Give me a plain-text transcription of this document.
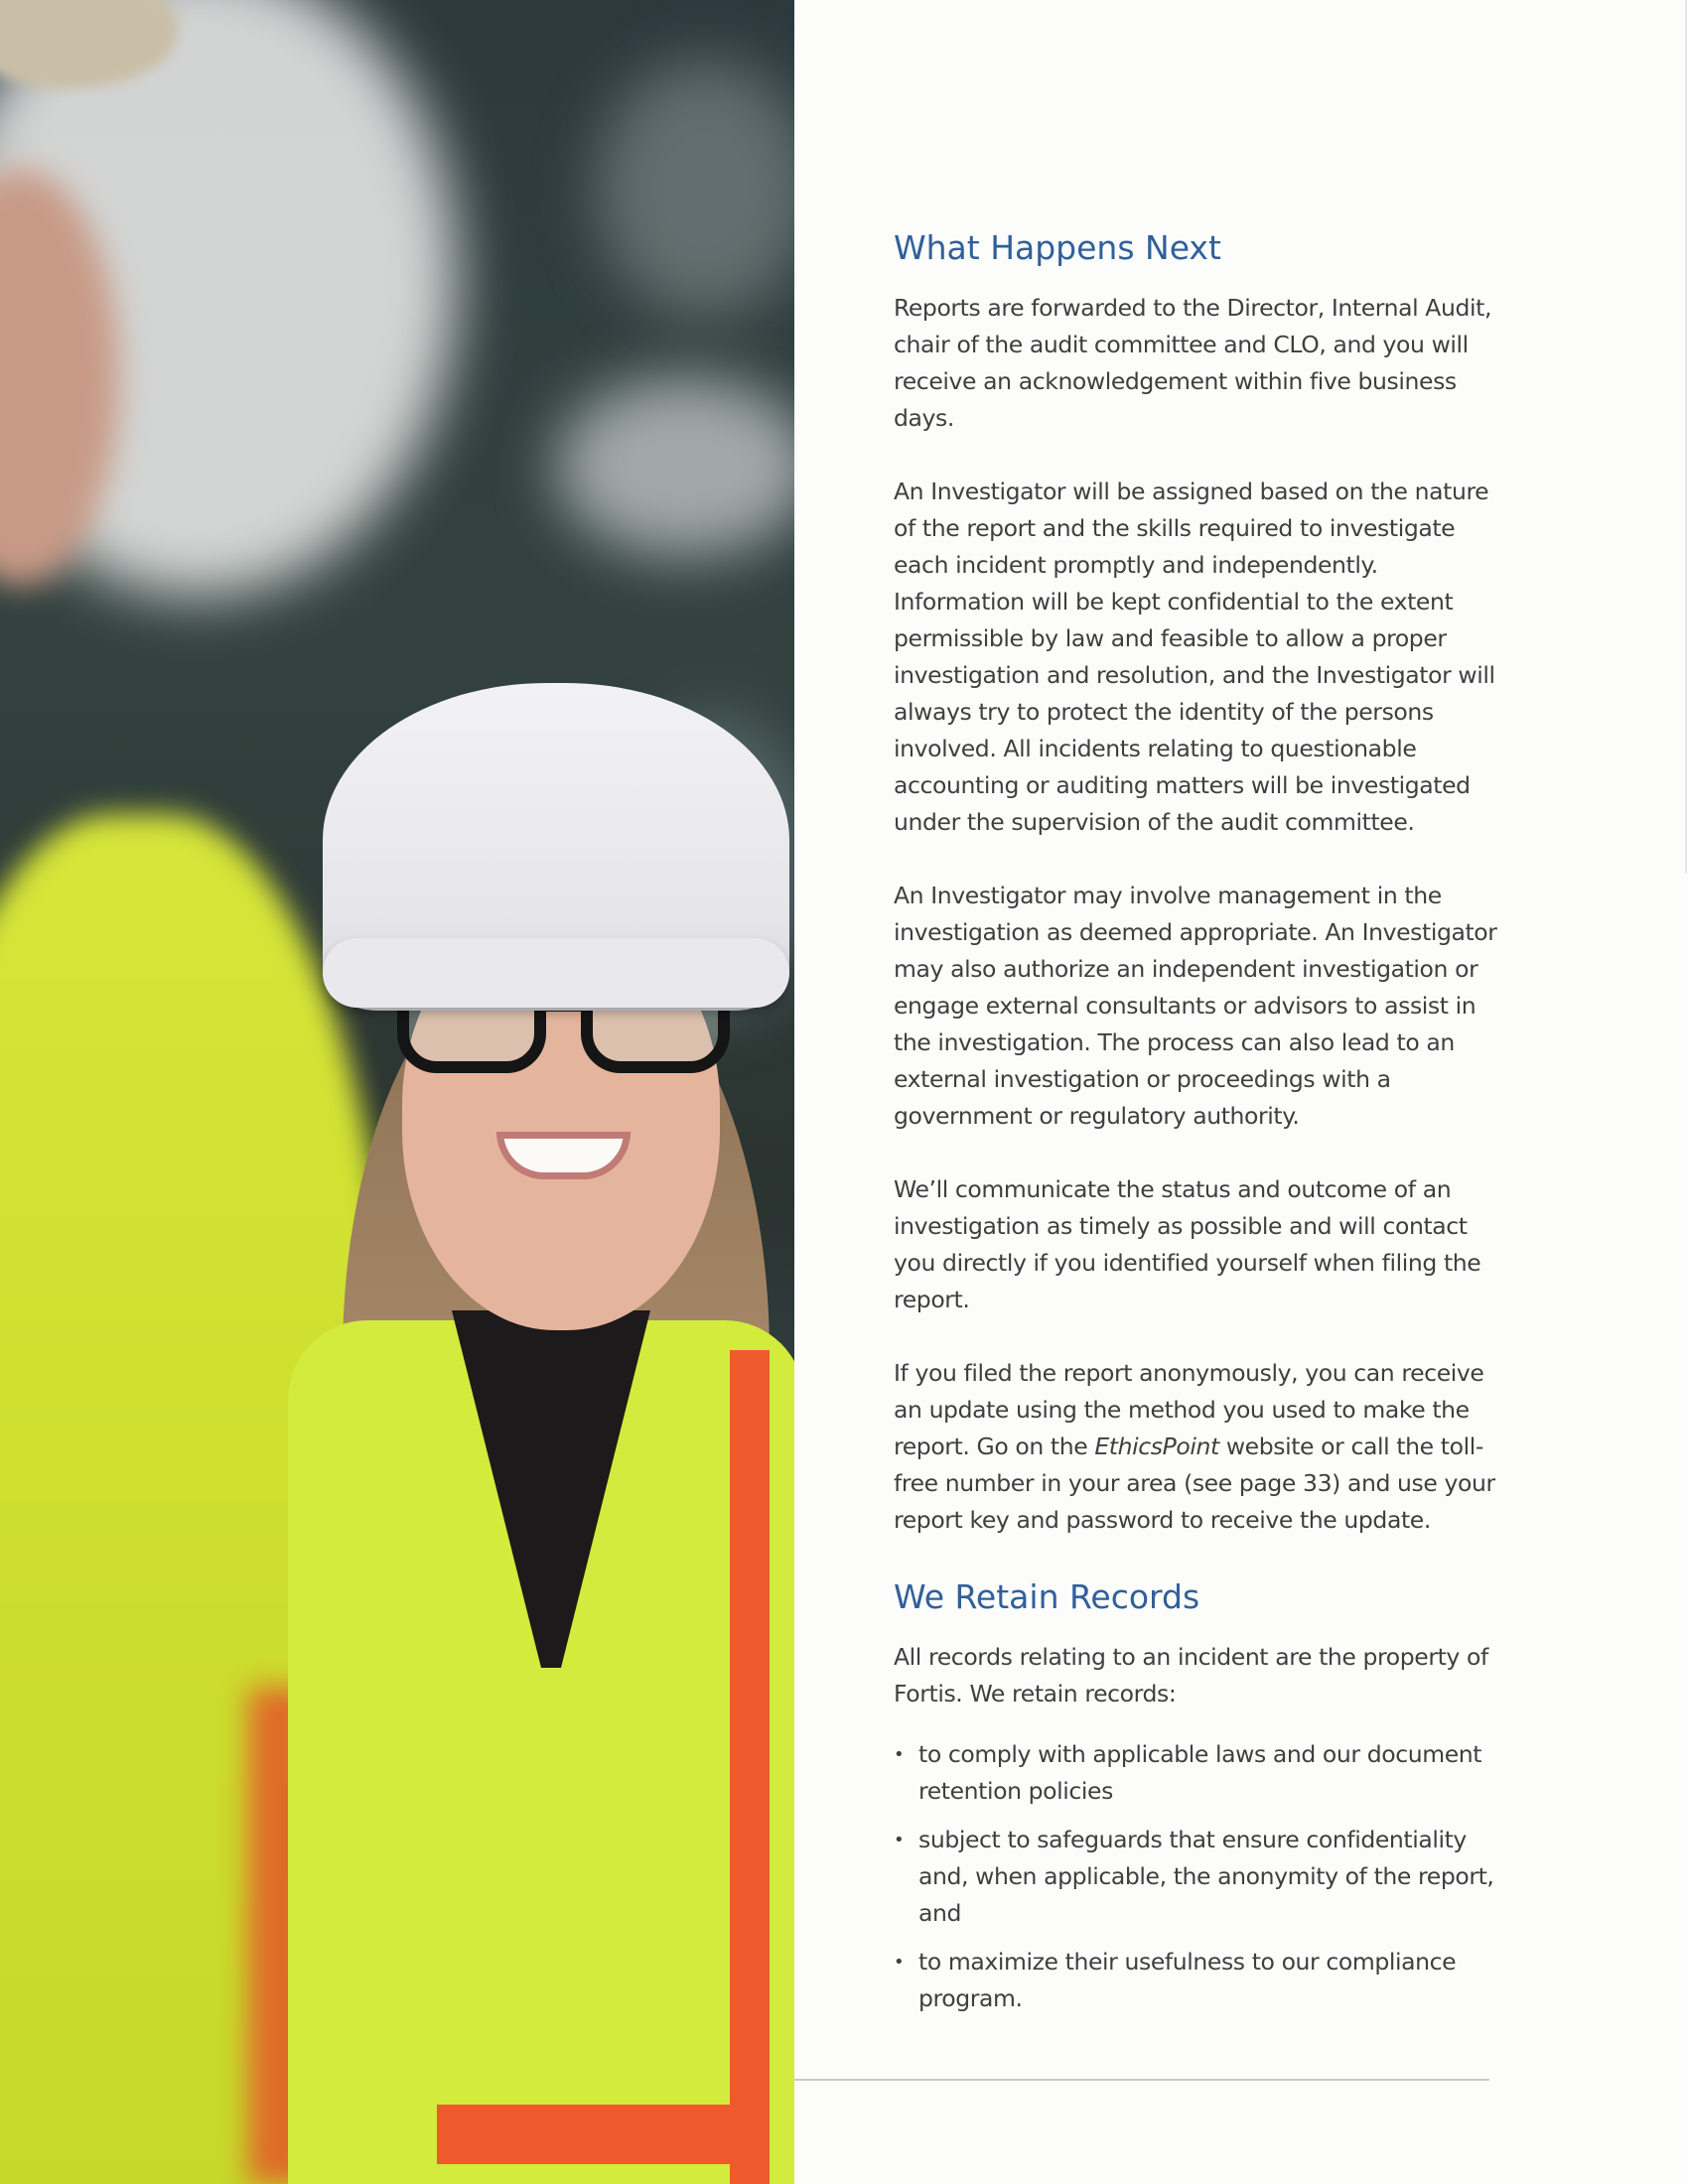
What Happens Next

Reports are forwarded to the Director, Internal Audit, chair of the audit committee and CLO, and you will receive an acknowledgement within five business days.

An Investigator will be assigned based on the nature of the report and the skills required to investigate each incident promptly and independently. Information will be kept confidential to the extent permissible by law and feasible to allow a proper investigation and resolution, and the Investigator will always try to protect the identity of the persons involved. All incidents relating to questionable accounting or auditing matters will be investigated under the supervision of the audit committee.

An Investigator may involve management in the investigation as deemed appropriate. An Investigator may also authorize an independent investigation or engage external consultants or advisors to assist in the investigation. The process can also lead to an external investigation or proceedings with a government or regulatory authority.

We’ll communicate the status and outcome of an investigation as timely as possible and will contact you directly if you identified yourself when filing the report.

If you filed the report anonymously, you can receive an update using the method you used to make the report. Go on the EthicsPoint website or call the toll-free number in your area (see page 33) and use your report key and password to receive the update.

We Retain Records

All records relating to an incident are the property of Fortis. We retain records:

• to comply with applicable laws and our document retention policies
• subject to safeguards that ensure confidentiality and, when applicable, the anonymity of the report, and
• to maximize their usefulness to our compliance program.
